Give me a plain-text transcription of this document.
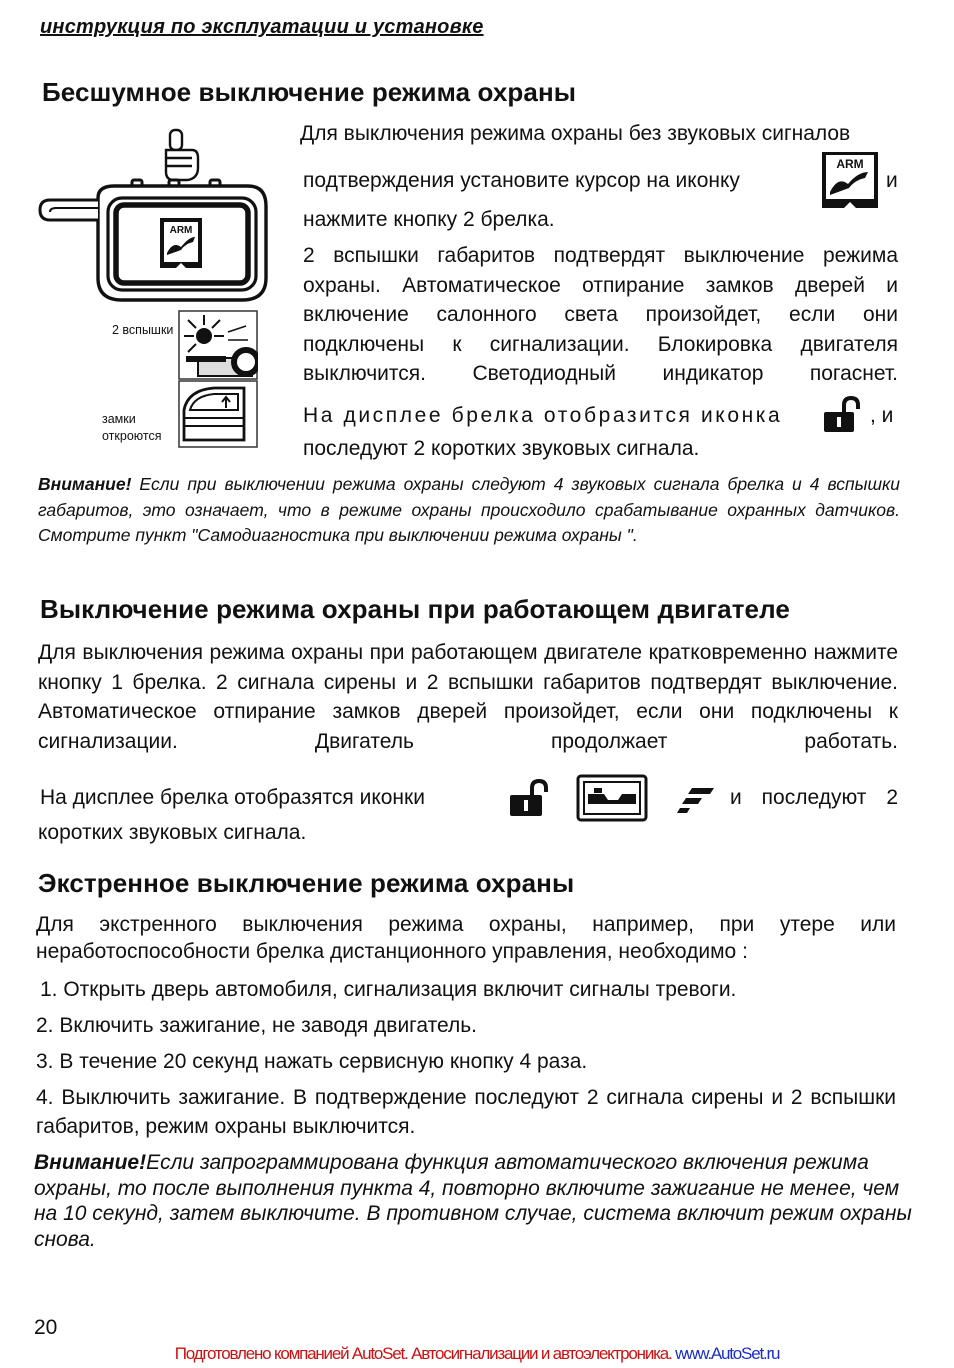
инструкция по эксплуатации и установке
Бесшумное выключение режима охраны
ARM
2 вспышки
замки
откроются
Для выключения режима охраны без звуковых сигналов
подтверждения установите курсор на иконку
ARM
и
нажмите кнопку 2 брелка.
2 вспышки габаритов подтвердят выключение режима охраны. Автоматическое отпирание замков дверей и включение салонного света произойдет, если они подключены к сигнализации. Блокировка двигателя выключится. Светодиодный индикатор погаснет.
На дисплее брелка отобразится иконка	, и
последуют 2 коротких звуковых сигнала.
Внимание! Если при выключении режима охраны следуют 4 звуковых сигнала брелка и 4 вспышки габаритов, это означает, что в режиме охраны происходило срабатывание охранных датчиков. Смотрите пункт "Самодиагностика при выключении режима охраны ".
Выключение режима охраны при работающем двигателе
Для выключения режима охраны при работающем двигателе кратковременно нажмите кнопку 1 брелка. 2 сигнала сирены и 2 вспышки габаритов подтвердят выключение. Автоматическое отпирание замков дверей произойдет, если они подключены к сигнализации. Двигатель продолжает работать.
На дисплее брелка отобразятся иконки	и последуют 2
коротких звуковых сигнала.
Экстренное выключение режима охраны
Для экстренного выключения режима охраны, например, при утере или неработоспособности брелка дистанционного управления, необходимо :
1. Открыть дверь автомобиля, сигнализация включит сигналы тревоги.
2. Включить зажигание, не заводя двигатель.
3. В течение 20 секунд нажать сервисную кнопку 4 раза.
4. Выключить зажигание. В подтверждение последуют 2 сигнала сирены и 2 вспышки габаритов, режим охраны выключится.
Внимание!Если запрограммирована функция автоматического включения режима охраны, то после выполнения пункта 4, повторно включите зажигание не менее, чем на 10 секунд, затем выключите. В противном случае, система включит режим охраны снова.
20
Подготовлено компанией AutoSet. Автосигнализации и автоэлектроника. www.AutoSet.ru
